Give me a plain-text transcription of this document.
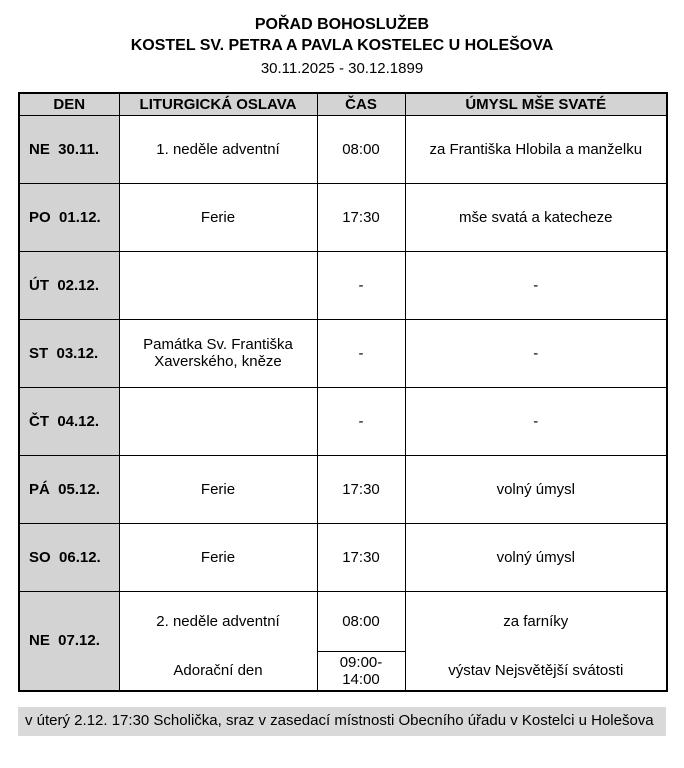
POŘAD BOHOSLUŽEB
KOSTEL SV. PETRA A PAVLA KOSTELEC U HOLEŠOVA
30.11.2025 - 30.12.1899
DEN	LITURGICKÁ OSLAVA	ČAS	ÚMYSL MŠE SVATÉ
NE  30.11.	1. neděle adventní	08:00	za Františka Hlobila a manželku
PO  01.12.	Ferie	17:30	mše svatá a katecheze
ÚT  02.12.		-	-
ST  03.12.	Památka Sv. Františka Xaverského, kněze	-	-
ČT  04.12.		-	-
PÁ  05.12.	Ferie	17:30	volný úmysl
SO  06.12.	Ferie	17:30	volný úmysl
NE  07.12.	2. neděle adventní	08:00	za farníky
	Adorační den	09:00-14:00	výstav Nejsvětější svátosti
v úterý 2.12. 17:30 Scholička, sraz v zasedací místnosti Obecního úřadu v Kostelci u Holešova
